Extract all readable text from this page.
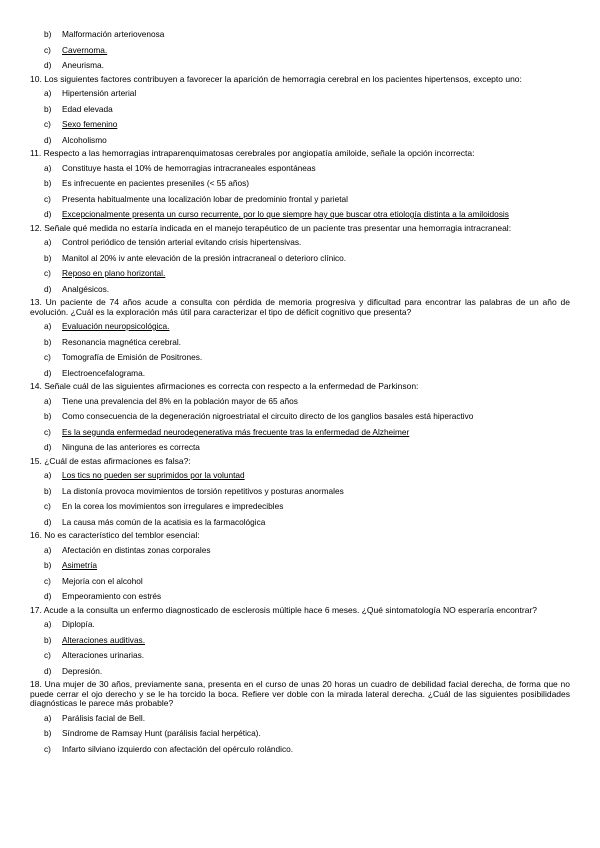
b)	Malformación arteriovenosa
c)	Cavernoma.
d)	Aneurisma.
10. Los siguientes factores contribuyen a favorecer la aparición de hemorragia cerebral en los pacientes hipertensos, excepto uno:
a)	Hipertensión arterial
b)	Edad elevada
c)	Sexo femenino
d)	Alcoholismo
11. Respecto a las hemorragias intraparenquimatosas cerebrales por angiopatía amiloide, señale la opción incorrecta:
a)	Constituye hasta el 10% de hemorragias intracraneales espontáneas
b)	Es infrecuente en pacientes preseniles (< 55 años)
c)	Presenta habitualmente una localización lobar de predominio frontal y parietal
d)	Excepcionalmente presenta un curso recurrente, por lo que siempre hay que buscar otra etiología distinta a la amiloidosis
12. Señale qué medida no estaría indicada en el manejo terapéutico de un paciente tras presentar una hemorragia intracraneal:
a)	Control periódico de tensión arterial evitando crisis hipertensivas.
b)	Manitol al 20% iv ante elevación de la presión intracraneal o deterioro clínico.
c)	Reposo en plano horizontal.
d)	Analgésicos.
13. Un paciente de 74 años acude a consulta con pérdida de memoria progresiva y dificultad para encontrar las palabras de un año de evolución. ¿Cuál es la exploración más útil para caracterizar el tipo de déficit cognitivo que presenta?
a)	Evaluación neuropsicológica.
b)	Resonancia magnética cerebral.
c)	Tomografía de Emisión de Positrones.
d)	Electroencefalograma.
14. Señale cuál de las siguientes afirmaciones es correcta con respecto a la enfermedad de Parkinson:
a)	Tiene una prevalencia del 8% en la población mayor de 65 años
b)	Como consecuencia de la degeneración nigroestriatal el circuito directo de los ganglios basales está hiperactivo
c)	Es la segunda enfermedad neurodegenerativa más frecuente tras la enfermedad de Alzheimer
d)	Ninguna de las anteriores es correcta
15. ¿Cuál de estas afirmaciones es falsa?:
a)	Los tics no pueden ser suprimidos por la voluntad
b)	La distonía provoca movimientos de torsión repetitivos y posturas anormales
c)	En la corea los movimientos son irregulares e impredecibles
d)	La causa más común de la acatisia es la farmacológica
16. No es característico del temblor esencial:
a)	Afectación en distintas zonas corporales
b)	Asimetría
c)	Mejoría con el alcohol
d)	Empeoramiento con estrés
17. Acude a la consulta un enfermo diagnosticado de esclerosis múltiple hace 6 meses. ¿Qué sintomatología NO esperaría encontrar?
a)	Diplopía.
b)	Alteraciones auditivas.
c)	Alteraciones urinarias.
d)	Depresión.
18. Una mujer de 30 años, previamente sana, presenta en el curso de unas 20 horas un cuadro de debilidad facial derecha, de forma que no puede cerrar el ojo derecho y se le ha torcido la boca. Refiere ver doble con la mirada lateral derecha. ¿Cuál de las siguientes posibilidades diagnósticas le parece más probable?
a)	Parálisis facial de Bell.
b)	Síndrome de Ramsay Hunt (parálisis facial herpética).
c)	Infarto silviano izquierdo con afectación del opérculo rolándico.
